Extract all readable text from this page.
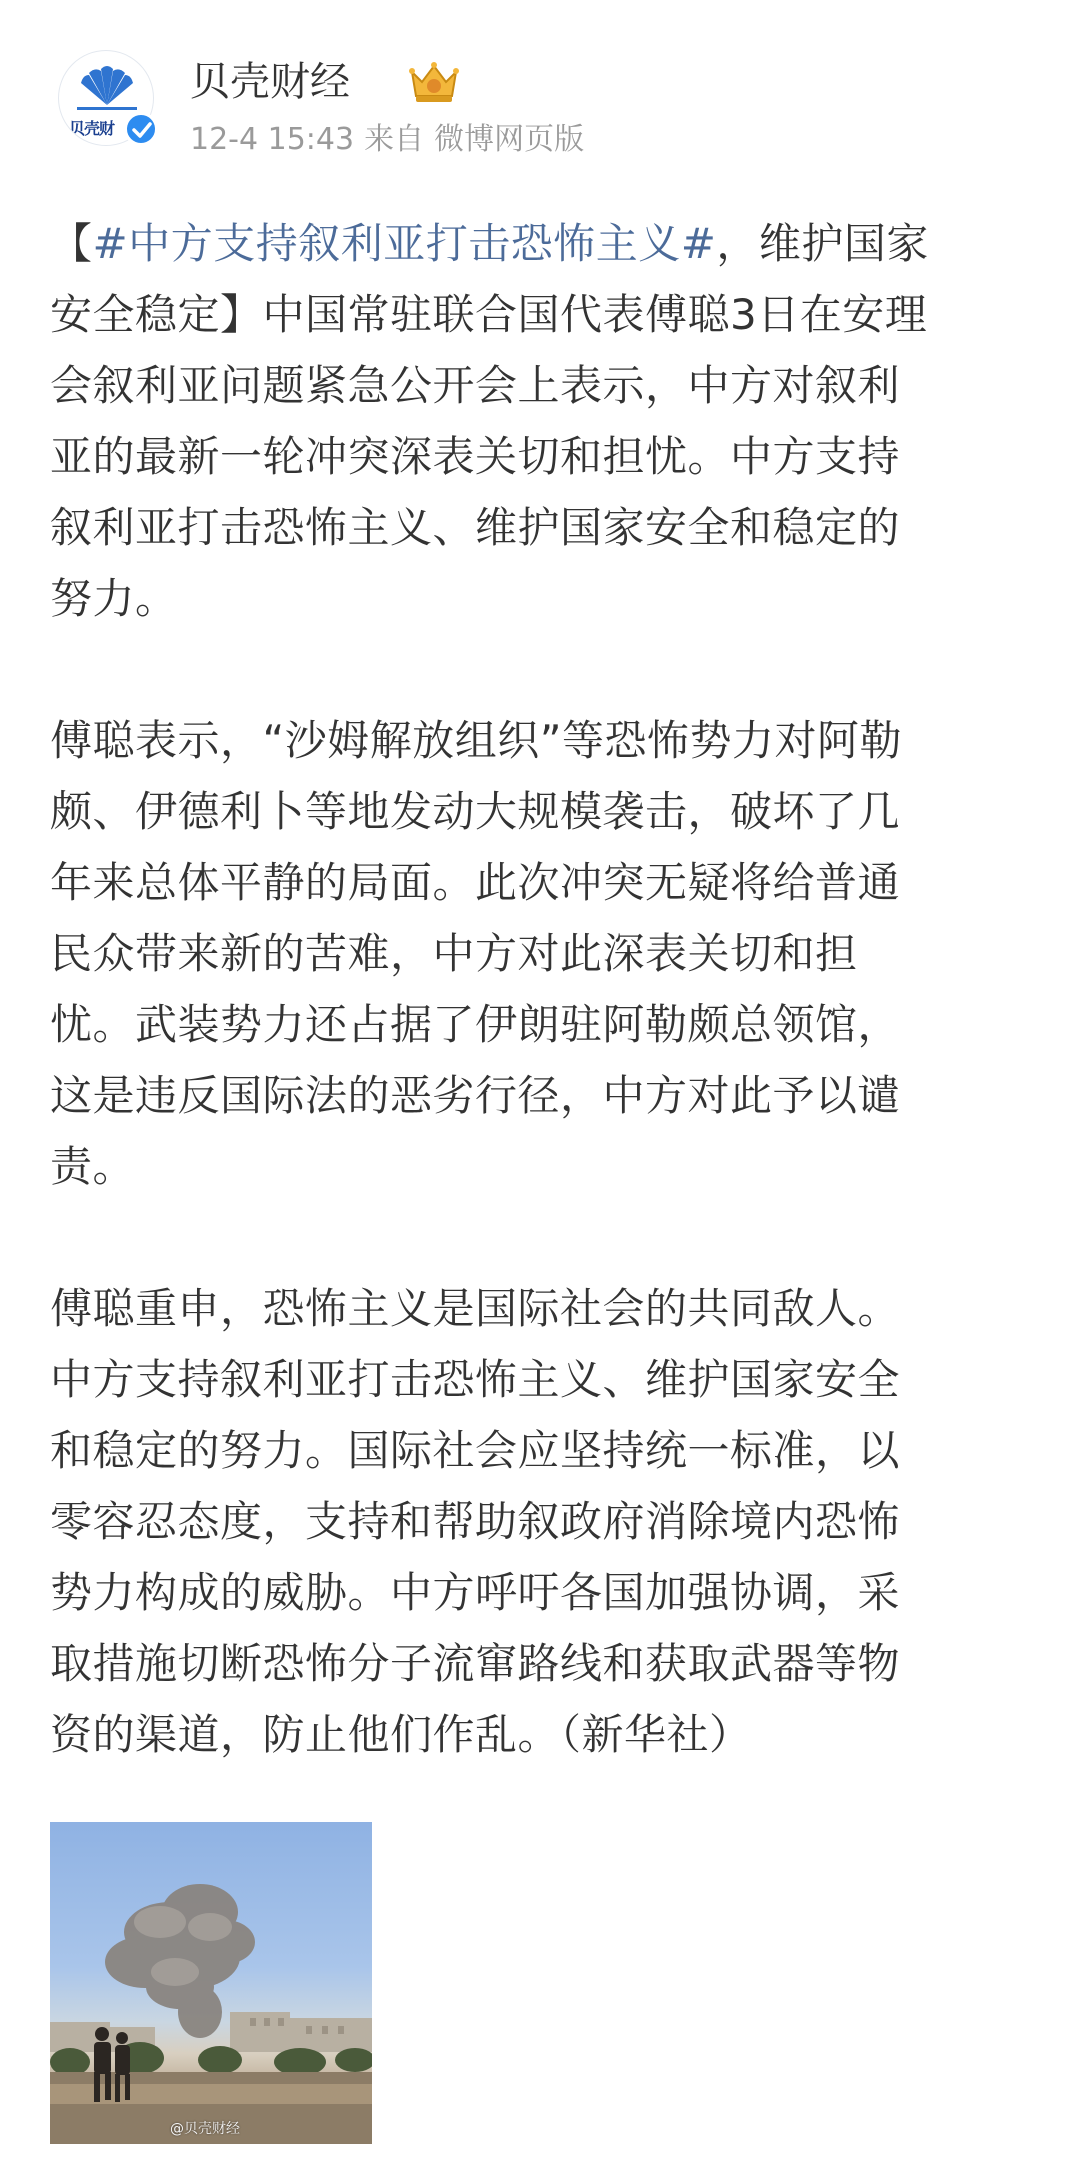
贝壳财
贝壳财经
12-4 15:43 来自 微博网页版
【#中方支持叙利亚打击恐怖主义#，维护国家
安全稳定】中国常驻联合国代表傅聪3日在安理
会叙利亚问题紧急公开会上表示，中方对叙利
亚的最新一轮冲突深表关切和担忧。中方支持
叙利亚打击恐怖主义、维护国家安全和稳定的
努力。
傅聪表示，“沙姆解放组织”等恐怖势力对阿勒
颇、伊德利卜等地发动大规模袭击，破坏了几
年来总体平静的局面。此次冲突无疑将给普通
民众带来新的苦难，中方对此深表关切和担
忧。武装势力还占据了伊朗驻阿勒颇总领馆，
这是违反国际法的恶劣行径，中方对此予以谴
责。
傅聪重申，恐怖主义是国际社会的共同敌人。
中方支持叙利亚打击恐怖主义、维护国家安全
和稳定的努力。国际社会应坚持统一标准，以
零容忍态度，支持和帮助叙政府消除境内恐怖
势力构成的威胁。中方呼吁各国加强协调，采
取措施切断恐怖分子流窜路线和获取武器等物
资的渠道，防止他们作乱。（新华社）
@贝壳财经
